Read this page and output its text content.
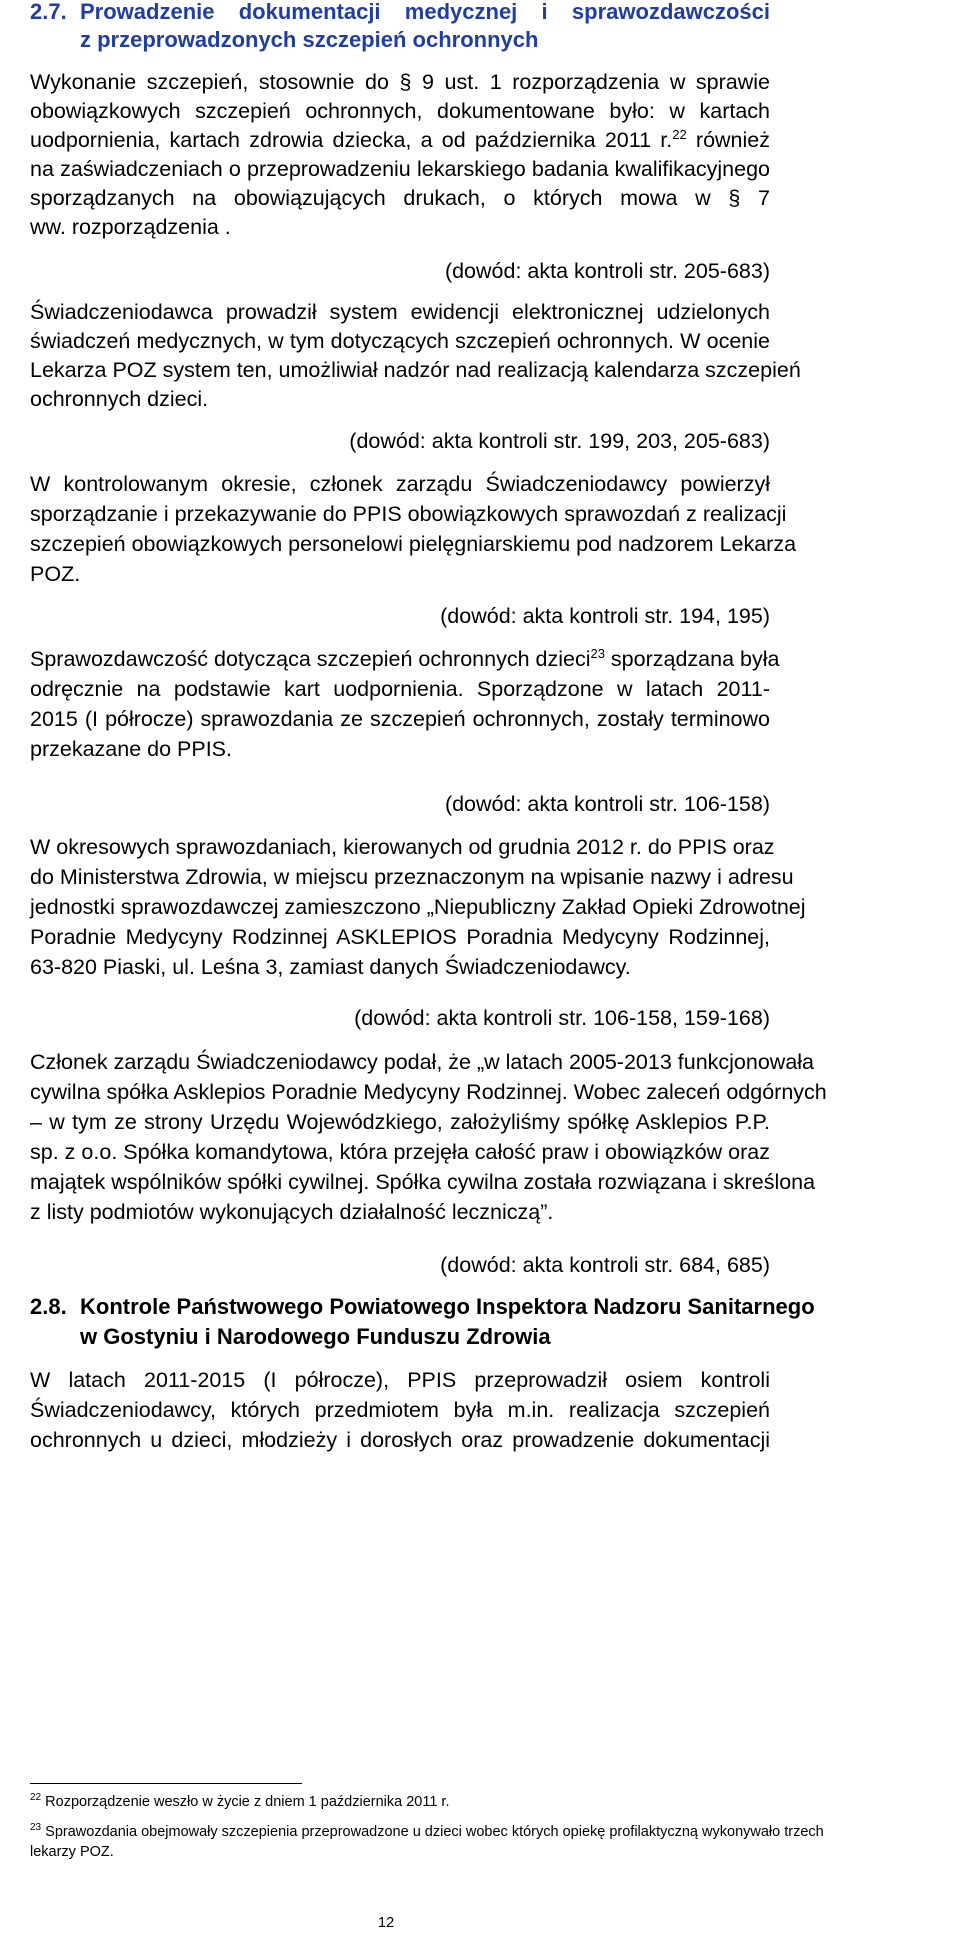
2.7. Prowadzenie dokumentacji medycznej i sprawozdawczości
z przeprowadzonych szczepień ochronnych
Wykonanie szczepień, stosownie do § 9 ust. 1 rozporządzenia w sprawie
obowiązkowych szczepień ochronnych, dokumentowane było: w kartach
uodpornienia, kartach zdrowia dziecka, a od października 2011 r.$^{22}$ również
na zaświadczeniach o przeprowadzeniu lekarskiego badania kwalifikacyjnego
sporządzanych na obowiązujących drukach, o których mowa w § 7
ww. rozporządzenia .
(dowód: akta kontroli str. 205-683)
Świadczeniodawca prowadził system ewidencji elektronicznej udzielonych
świadczeń medycznych, w tym dotyczących szczepień ochronnych. W ocenie
Lekarza POZ system ten, umożliwiał nadzór nad realizacją kalendarza szczepień
ochronnych dzieci.
(dowód: akta kontroli str. 199, 203, 205-683)
W kontrolowanym okresie, członek zarządu Świadczeniodawcy powierzył
sporządzanie i przekazywanie do PPIS obowiązkowych sprawozdań z realizacji
szczepień obowiązkowych personelowi pielęgniarskiemu pod nadzorem Lekarza
POZ.
(dowód: akta kontroli str. 194, 195)
Sprawozdawczość dotycząca szczepień ochronnych dzieci$^{23}$ sporządzana była
odręcznie na podstawie kart uodpornienia. Sporządzone w latach 2011-
2015 (I półrocze) sprawozdania ze szczepień ochronnych, zostały terminowo
przekazane do PPIS.
(dowód: akta kontroli str. 106-158)
W okresowych sprawozdaniach, kierowanych od grudnia 2012 r. do PPIS oraz
do Ministerstwa Zdrowia, w miejscu przeznaczonym na wpisanie nazwy i adresu
jednostki sprawozdawczej zamieszczono „Niepubliczny Zakład Opieki Zdrowotnej
Poradnie Medycyny Rodzinnej ASKLEPIOS Poradnia Medycyny Rodzinnej,
63-820 Piaski, ul. Leśna 3, zamiast danych Świadczeniodawcy.
(dowód: akta kontroli str. 106-158, 159-168)
Członek zarządu Świadczeniodawcy podał, że „w latach 2005-2013 funkcjonowała
cywilna spółka Asklepios Poradnie Medycyny Rodzinnej. Wobec zaleceń odgórnych
– w tym ze strony Urzędu Wojewódzkiego, założyliśmy spółkę Asklepios P.P.
sp. z o.o. Spółka komandytowa, która przejęła całość praw i obowiązków oraz
majątek wspólników spółki cywilnej. Spółka cywilna została rozwiązana i skreślona
z listy podmiotów wykonujących działalność leczniczą”.
(dowód: akta kontroli str. 684, 685)
2.8. Kontrole Państwowego Powiatowego Inspektora Nadzoru Sanitarnego
w Gostyniu i Narodowego Funduszu Zdrowia
W latach 2011-2015 (I półrocze), PPIS przeprowadził osiem kontroli
Świadczeniodawcy, których przedmiotem była m.in. realizacja szczepień
ochronnych u dzieci, młodzieży i dorosłych oraz prowadzenie dokumentacji
$^{22}$ Rozporządzenie weszło w życie z dniem 1 października 2011 r.
$^{23}$ Sprawozdania obejmowały szczepienia przeprowadzone u dzieci wobec których opiekę profilaktyczną wykonywało trzech
lekarzy POZ.
12
